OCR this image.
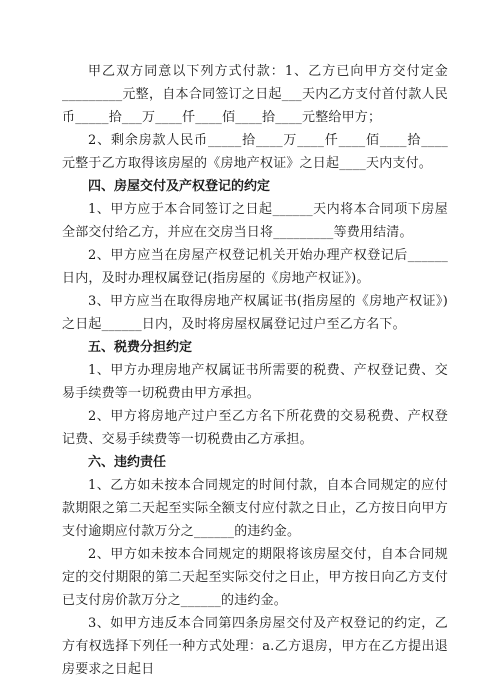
甲乙双方同意以下列方式付款：1、乙方已向甲方交付定金_________元整，自本合同签订之日起___天内乙方支付首付款人民币_____拾___万____仟____佰____拾____元整给甲方；

2、剩余房款人民币_____拾____万____仟____佰____拾____元整于乙方取得该房屋的《房地产权证》之日起____天内支付。

四、房屋交付及产权登记的约定

1、甲方应于本合同签订之日起______天内将本合同项下房屋全部交付给乙方，并应在交房当日将_________等费用结清。

2、甲方应当在房屋产权登记机关开始办理产权登记后______日内，及时办理权属登记(指房屋的《房地产权证》)。

3、甲方应当在取得房地产权属证书(指房屋的《房地产权证》)之日起______日内，及时将房屋权属登记过户至乙方名下。

五、税费分担约定

1、甲方办理房地产权属证书所需要的税费、产权登记费、交易手续费等一切税费由甲方承担。

2、甲方将房地产过户至乙方名下所花费的交易税费、产权登记费、交易手续费等一切税费由乙方承担。

六、违约责任

1、乙方如未按本合同规定的时间付款，自本合同规定的应付款期限之第二天起至实际全额支付应付款之日止，乙方按日向甲方支付逾期应付款万分之______的违约金。

2、甲方如未按本合同规定的期限将该房屋交付，自本合同规定的交付期限的第二天起至实际交付之日止，甲方按日向乙方支付已支付房价款万分之______的违约金。

3、如甲方违反本合同第四条房屋交付及产权登记的约定，乙方有权选择下列任一种方式处理：a.乙方退房，甲方在乙方提出退房要求之日起日
